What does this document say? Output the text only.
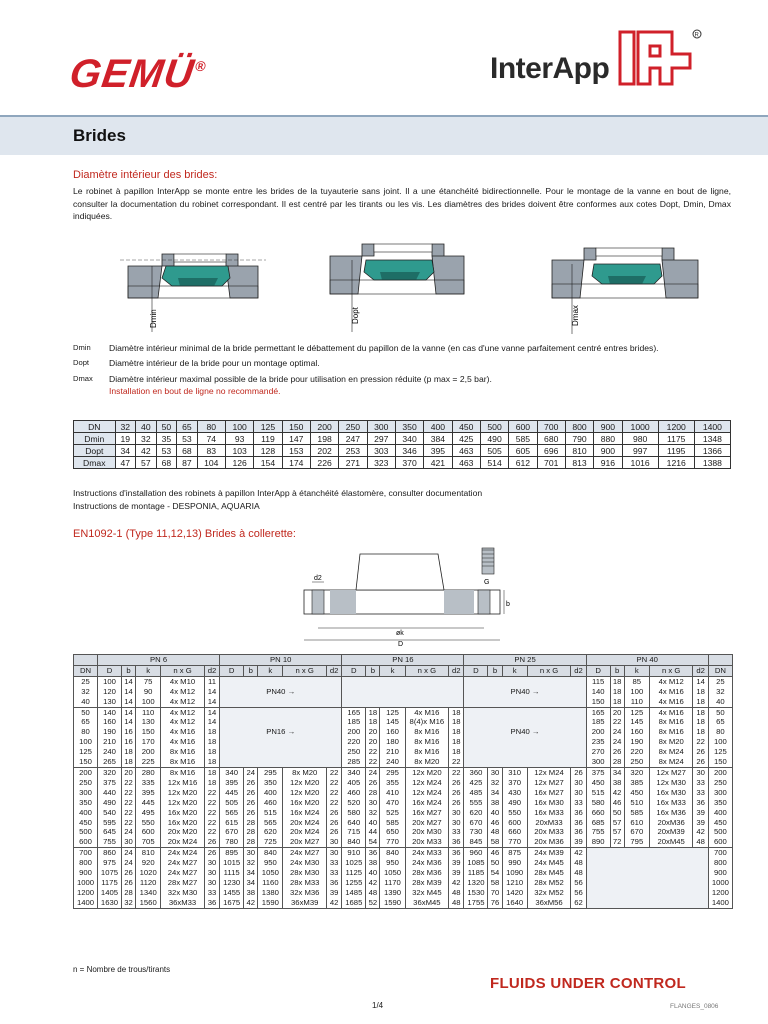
GEMÜ®	InterApp
R
Brides
Diamètre intérieur des brides:
Le robinet à papillon InterApp se monte entre les brides de la tuyauterie sans joint. Il a une étanchéité bidirectionnelle. Pour le montage de la vanne en bout de ligne, consulter la documentation du robinet correspondant. Il est centré par les tirants ou les vis. Les diamètres des brides doivent être conformes aux cotes Dopt, Dmin, Dmax indiquées.
Dmin	Dopt	Dmax
Dmin	Diamètre intérieur minimal de la bride permettant le débattement du papillon de la vanne (en cas d'une vanne parfaitement centré entres brides).
Dopt	Diamètre intérieur de la bride pour un montage optimal.
Dmax	Diamètre intérieur maximal possible de la bride pour utilisation en pression réduite (p max = 2,5 bar).
Installation en bout de ligne no recommandé.
DN	32	40	50	65	80	100	125	150	200	250	300	350	400	450	500	600	700	800	900	1000	1200	1400
Dmin	19	32	35	53	74	93	119	147	198	247	297	340	384	425	490	585	680	790	880	980	1175	1348
Dopt	34	42	53	68	83	103	128	153	202	253	303	346	395	463	505	605	696	810	900	997	1195	1366
Dmax	47	57	68	87	104	126	154	174	226	271	323	370	421	463	514	612	701	813	916	1016	1216	1388
Instructions d'installation des robinets à papillon InterApp à étanchéité élastomère, consulter documentation
Instructions de montage - DESPONIA, AQUARIA
EN1092-1 (Type 11,12,13) Brides à collerette:
d2
G
b
øk
D
	PN 6					PN 10					PN 16					PN 25					PN 40					
DN	D	b	k	n x G	d2	D	b	k	n x G	d2	D	b	k	n x G	d2	D	b	k	n x G	d2	D	b	k	n x G	d2	DN
25	100	14	75	4x M10	11																115	18	85	4x M12	14	25
32	120	14	90	4x M12	14	PN40 →										PN40 →					140	18	100	4x M16	18	32
40	130	14	100	4x M12	14																150	18	110	4x M16	18	40
50	140	14	110	4x M12	14						165	18	125	4x M16	18						165	20	125	4x M16	18	50
65	160	14	130	4x M12	14						185	18	145	8(4)x M16	18						185	22	145	8x M16	18	65
80	190	16	150	4x M16	18	PN16 →					200	20	160	8x M16	18	PN40 →					200	24	160	8x M16	18	80
100	210	16	170	4x M16	18						220	20	180	8x M16	18						235	24	190	8x M20	22	100
125	240	18	200	8x M16	18						250	22	210	8x M16	18						270	26	220	8x M24	26	125
150	265	18	225	8x M16	18						285	22	240	8x M20	22						300	28	250	8x M24	26	150
200	320	20	280	8x M16	18	340	24	295	8x M20	22	340	24	295	12x M20	22	360	30	310	12x M24	26	375	34	320	12x M27	30	200
250	375	22	335	12x M16	18	395	26	350	12x M20	22	405	26	355	12x M24	26	425	32	370	12x M27	30	450	38	385	12x M30	33	250
300	440	22	395	12x M20	22	445	26	400	12x M20	22	460	28	410	12x M24	26	485	34	430	16x M27	30	515	42	450	16x M30	33	300
350	490	22	445	12x M20	22	505	26	460	16x M20	22	520	30	470	16x M24	26	555	38	490	16x M30	33	580	46	510	16x M33	36	350
400	540	22	495	16x M20	22	565	26	515	16x M24	26	580	32	525	16x M27	30	620	40	550	16x M33	36	660	50	585	16x M36	39	400
450	595	22	550	16x M20	22	615	28	565	20x M24	26	640	40	585	20x M27	30	670	46	600	20xM33	36	685	57	610	20xM36	39	450
500	645	24	600	20x M20	22	670	28	620	20x M24	26	715	44	650	20x M30	33	730	48	660	20x M33	36	755	57	670	20xM39	42	500
600	755	30	705	20x M24	26	780	28	725	20x M27	30	840	54	770	20x M33	36	845	58	770	20x M36	39	890	72	795	20xM45	48	600
700	860	24	810	24x M24	26	895	30	840	24x M27	30	910	36	840	24x M33	36	960	46	875	24x M39	42						700
800	975	24	920	24x M27	30	1015	32	950	24x M30	33	1025	38	950	24x M36	39	1085	50	990	24x M45	48						800
900	1075	26	1020	24x M27	30	1115	34	1050	28x M30	33	1125	40	1050	28x M36	39	1185	54	1090	28x M45	48						900
1000	1175	26	1120	28x M27	30	1230	34	1160	28x M33	36	1255	42	1170	28x M39	42	1320	58	1210	28x M52	56						1000
1200	1405	28	1340	32x M30	33	1455	38	1380	32x M36	39	1485	48	1390	32x M45	48	1530	70	1420	32x M52	56						1200
1400	1630	32	1560	36xM33	36	1675	42	1590	36xM39	42	1685	52	1590	36xM45	48	1755	76	1640	36xM56	62						1400
n = Nombre de trous/tirants
FLUIDS UNDER CONTROL
1/4	FLANGES_0806
